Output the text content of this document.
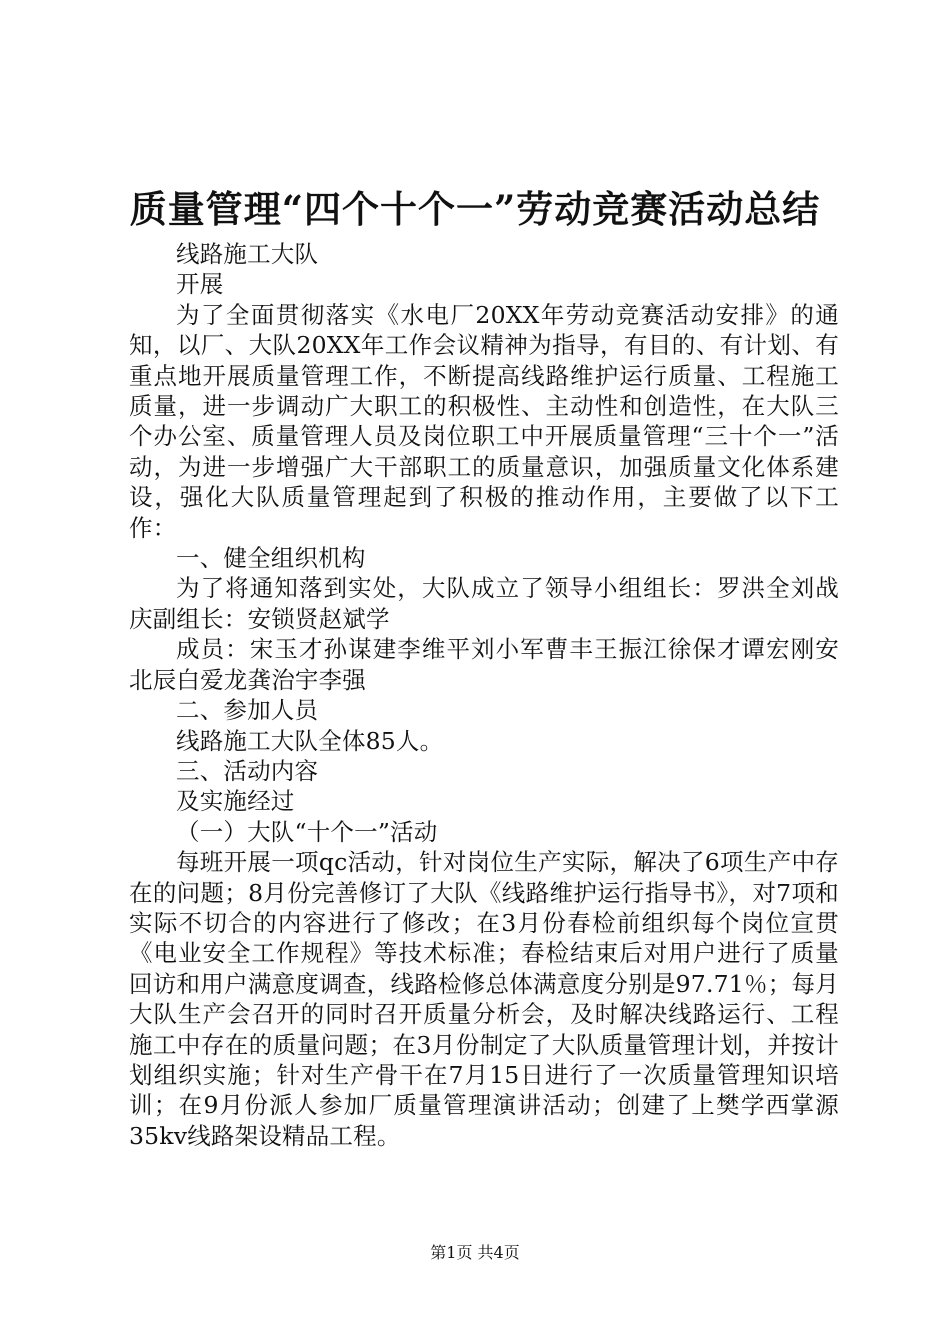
质量管理“四个十个一”劳动竞赛活动总结

线路施工大队

开展

为了全面贯彻落实《水电厂20XX年劳动竞赛活动安排》的通知，以厂、大队20XX年工作会议精神为指导，有目的、有计划、有重点地开展质量管理工作，不断提高线路维护运行质量、工程施工质量，进一步调动广大职工的积极性、主动性和创造性，在大队三个办公室、质量管理人员及岗位职工中开展质量管理“三十个一”活动，为进一步增强广大干部职工的质量意识，加强质量文化体系建设，强化大队质量管理起到了积极的推动作用，主要做了以下工作：

一、健全组织机构

为了将通知落到实处，大队成立了领导小组组长：罗洪全刘战庆副组长：安锁贤赵斌学

成员：宋玉才孙谋建李维平刘小军曹丰王振江徐保才谭宏刚安北辰白爱龙龚治宇李强

二、参加人员

线路施工大队全体85人。

三、活动内容

及实施经过

（一）大队“十个一”活动

每班开展一项qc活动，针对岗位生产实际，解决了6项生产中存在的问题；8月份完善修订了大队《线路维护运行指导书》，对7项和实际不切合的内容进行了修改；在3月份春检前组织每个岗位宣贯《电业安全工作规程》等技术标准；春检结束后对用户进行了质量回访和用户满意度调查，线路检修总体满意度分别是97.71％；每月大队生产会召开的同时召开质量分析会，及时解决线路运行、工程施工中存在的质量问题；在3月份制定了大队质量管理计划，并按计划组织实施；针对生产骨干在7月15日进行了一次质量管理知识培训；在9月份派人参加厂质量管理演讲活动；创建了上樊学西掌源35kv线路架设精品工程。

第1页 共4页
